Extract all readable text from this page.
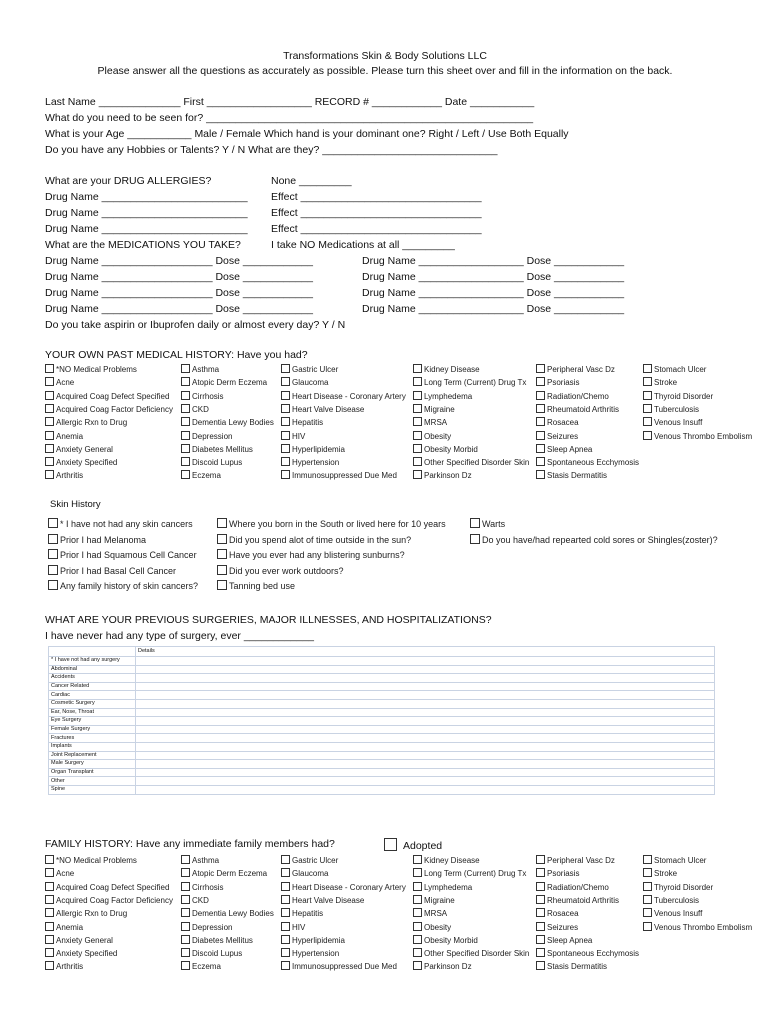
Transformations Skin & Body Solutions LLC
Please answer all the questions as accurately as possible. Please turn this sheet over and fill in the information on the back.
Last Name ______________ First __________________ RECORD # ____________ Date ___________
What do you need to be seen for? ________________________________________________________
What is your Age ___________ Male / Female Which hand is your dominant one? Right / Left / Use Both Equally
Do you have any Hobbies or Talents? Y / N What are they? ______________________________
What are your DRUG ALLERGIES?	None _________
Drug Name _________________________ Effect _______________________________
Drug Name _________________________ Effect _______________________________
Drug Name _________________________ Effect _______________________________
What are the MEDICATIONS YOU TAKE?	I take NO Medications at all _________
Drug Name ___________________ Dose ____________	Drug Name __________________ Dose ____________
Drug Name ___________________ Dose ____________	Drug Name __________________ Dose ____________
Drug Name ___________________ Dose ____________	Drug Name __________________ Dose ____________
Drug Name ___________________ Dose ____________	Drug Name __________________ Dose ____________
Do you take aspirin or Ibuprofen daily or almost every day? Y / N
YOUR OWN PAST MEDICAL HISTORY: Have you had?
*NO Medical Problems
Acne
Acquired Coag Defect Specified
Acquired Coag Factor Deficiency
Allergic Rxn to Drug
Anemia
Anxiety General
Anxiety Specified
Arthritis
Asthma
Atopic Derm Eczema
Cirrhosis
CKD
Dementia Lewy Bodies
Depression
Diabetes Mellitus
Discoid Lupus
Eczema
Gastric Ulcer
Glaucoma
Heart Disease - Coronary Artery
Heart Valve Disease
Hepatitis
HIV
Hyperlipidemia
Hypertension
Immunosuppressed Due Med
Kidney Disease
Long Term (Current) Drug Tx
Lymphedema
Migraine
MRSA
Obesity
Obesity Morbid
Other Specified Disorder Skin
Parkinson Dz
Peripheral Vasc Dz
Psoriasis
Radiation/Chemo
Rheumatoid Arthritis
Rosacea
Seizures
Sleep Apnea
Spontaneous Ecchymosis
Stasis Dermatitis
Stomach Ulcer
Stroke
Thyroid Disorder
Tuberculosis
Venous Insuff
Venous Thrombo Embolism
Skin History
* I have not had any skin cancers
Prior I had Melanoma
Prior I had Squamous Cell Cancer
Prior I had Basal Cell Cancer
Any family history of skin cancers?
Where you born in the South or lived here for 10 years
Did you spend alot of time outside in the sun?
Have you ever had any blistering sunburns?
Did you ever work outdoors?
Tanning bed use
Warts
Do you have/had repearted cold sores or Shingles(zoster)?
WHAT ARE YOUR PREVIOUS SURGERIES, MAJOR ILLNESSES, AND HOSPITALIZATIONS?
I have never had any type of surgery, ever ____________
	Details
* I have not had any surgery	
Abdominal	
Accidents	
Cancer Related	
Cardiac	
Cosmetic Surgery	
Ear, Nose, Throat	
Eye Surgery	
Female Surgery	
Fractures	
Implants	
Joint Replacement	
Male Surgery	
Organ Transplant	
Other	
Spine	
FAMILY HISTORY: Have any immediate family members had?	Adopted
*NO Medical Problems
Acne
Acquired Coag Defect Specified
Acquired Coag Factor Deficiency
Allergic Rxn to Drug
Anemia
Anxiety General
Anxiety Specified
Arthritis
Asthma
Atopic Derm Eczema
Cirrhosis
CKD
Dementia Lewy Bodies
Depression
Diabetes Mellitus
Discoid Lupus
Eczema
Gastric Ulcer
Glaucoma
Heart Disease - Coronary Artery
Heart Valve Disease
Hepatitis
HIV
Hyperlipidemia
Hypertension
Immunosuppressed Due Med
Kidney Disease
Long Term (Current) Drug Tx
Lymphedema
Migraine
MRSA
Obesity
Obesity Morbid
Other Specified Disorder Skin
Parkinson Dz
Peripheral Vasc Dz
Psoriasis
Radiation/Chemo
Rheumatoid Arthritis
Rosacea
Seizures
Sleep Apnea
Spontaneous Ecchymosis
Stasis Dermatitis
Stomach Ulcer
Stroke
Thyroid Disorder
Tuberculosis
Venous Insuff
Venous Thrombo Embolism
